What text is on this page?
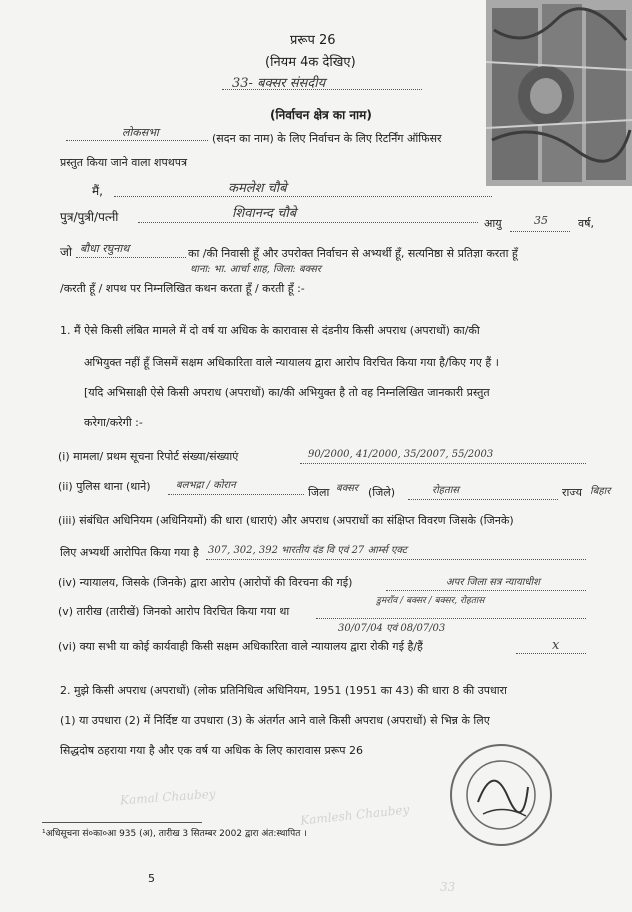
Kamlesh Chaubey
Kamal Chaubey
33
प्ररूप 26
(नियम 4क देखिए)
33- बक्सर संसदीय
(निर्वाचन क्षेत्र का नाम)
लोकसभा	(सदन का नाम) के लिए निर्वाचन के लिए रिटर्निंग ऑफिसर
प्रस्तुत किया जाने वाला शपथपत्र
मैं,	कमलेश चौबे
पुत्र/पुत्री/पत्नी	शिवानन्द चौबे
आयु	35	वर्ष,
जो बौधा रघुनाथ	का /की निवासी हूँ और उपरोक्त निर्वाचन से अभ्यर्थी हूँ, सत्यनिष्ठा से प्रतिज्ञा करता हूँ
थाना: भा. आर्चा शाह, जिला: बक्सर
/करती हूँ / शपथ पर निम्नलिखित कथन करता हूँ / करती हूँ :-
1. मैं ऐसे किसी लंबित मामले में दो वर्ष या अधिक के कारावास से दंडनीय किसी अपराध (अपराधों) का/की
अभियुक्त नहीं हूँ जिसमें सक्षम अधिकारिता वाले न्यायालय द्वारा आरोप विरचित किया गया है/किए गए हैं ।
[यदि अभिसाक्षी ऐसे किसी अपराध (अपराधों) का/की अभियुक्त है तो वह निम्नलिखित जानकारी प्रस्तुत
करेगा/करेगी :-
(i) मामला/ प्रथम सूचना रिपोर्ट संख्या/संख्याएं	90/2000, 41/2000, 35/2007, 55/2003
(ii) पुलिस थाना (थाने)	बलभद्रा / कोरान
जिला बक्सर (जिले)	रोहतास	राज्य बिहार
(iii) संबंधित अधिनियम (अधिनियमों) की धारा (धाराएं) और अपराध (अपराधों का संक्षिप्त विवरण जिसके (जिनके)
लिए अभ्यर्थी आरोपित किया गया है 307, 302, 392 भारतीय दंड वि एवं 27 आर्म्स एक्ट
(iv) न्यायालय, जिसके (जिनके) द्वारा आरोप (आरोपों की विरचना की गई)	अपर जिला सत्र न्यायाधीश
डुमराँव / बक्सर / बक्सर, रोहतास
(v) तारीख (तारीखें) जिनको आरोप विरचित किया गया था
30/07/04 एवं 08/07/03
(vi) क्या सभी या कोई कार्यवाही किसी सक्षम अधिकारिता वाले न्यायालय द्वारा रोकी गई है/हैं	x
2. मुझे किसी अपराध (अपराधों) (लोक प्रतिनिधित्व अधिनियम, 1951 (1951 का 43) की धारा 8 की उपधारा
(1) या उपधारा (2) में निर्दिष्ट या उपधारा (3) के अंतर्गत आने वाले किसी अपराध (अपराधों) से भिन्न के लिए
सिद्धदोष ठहराया गया है और एक वर्ष या अधिक के लिए कारावास प्ररूप 26
¹अधिसूचना सं०का०आ 935 (अ), तारीख 3 सितम्बर 2002 द्वारा अंत:स्थापित ।
5
